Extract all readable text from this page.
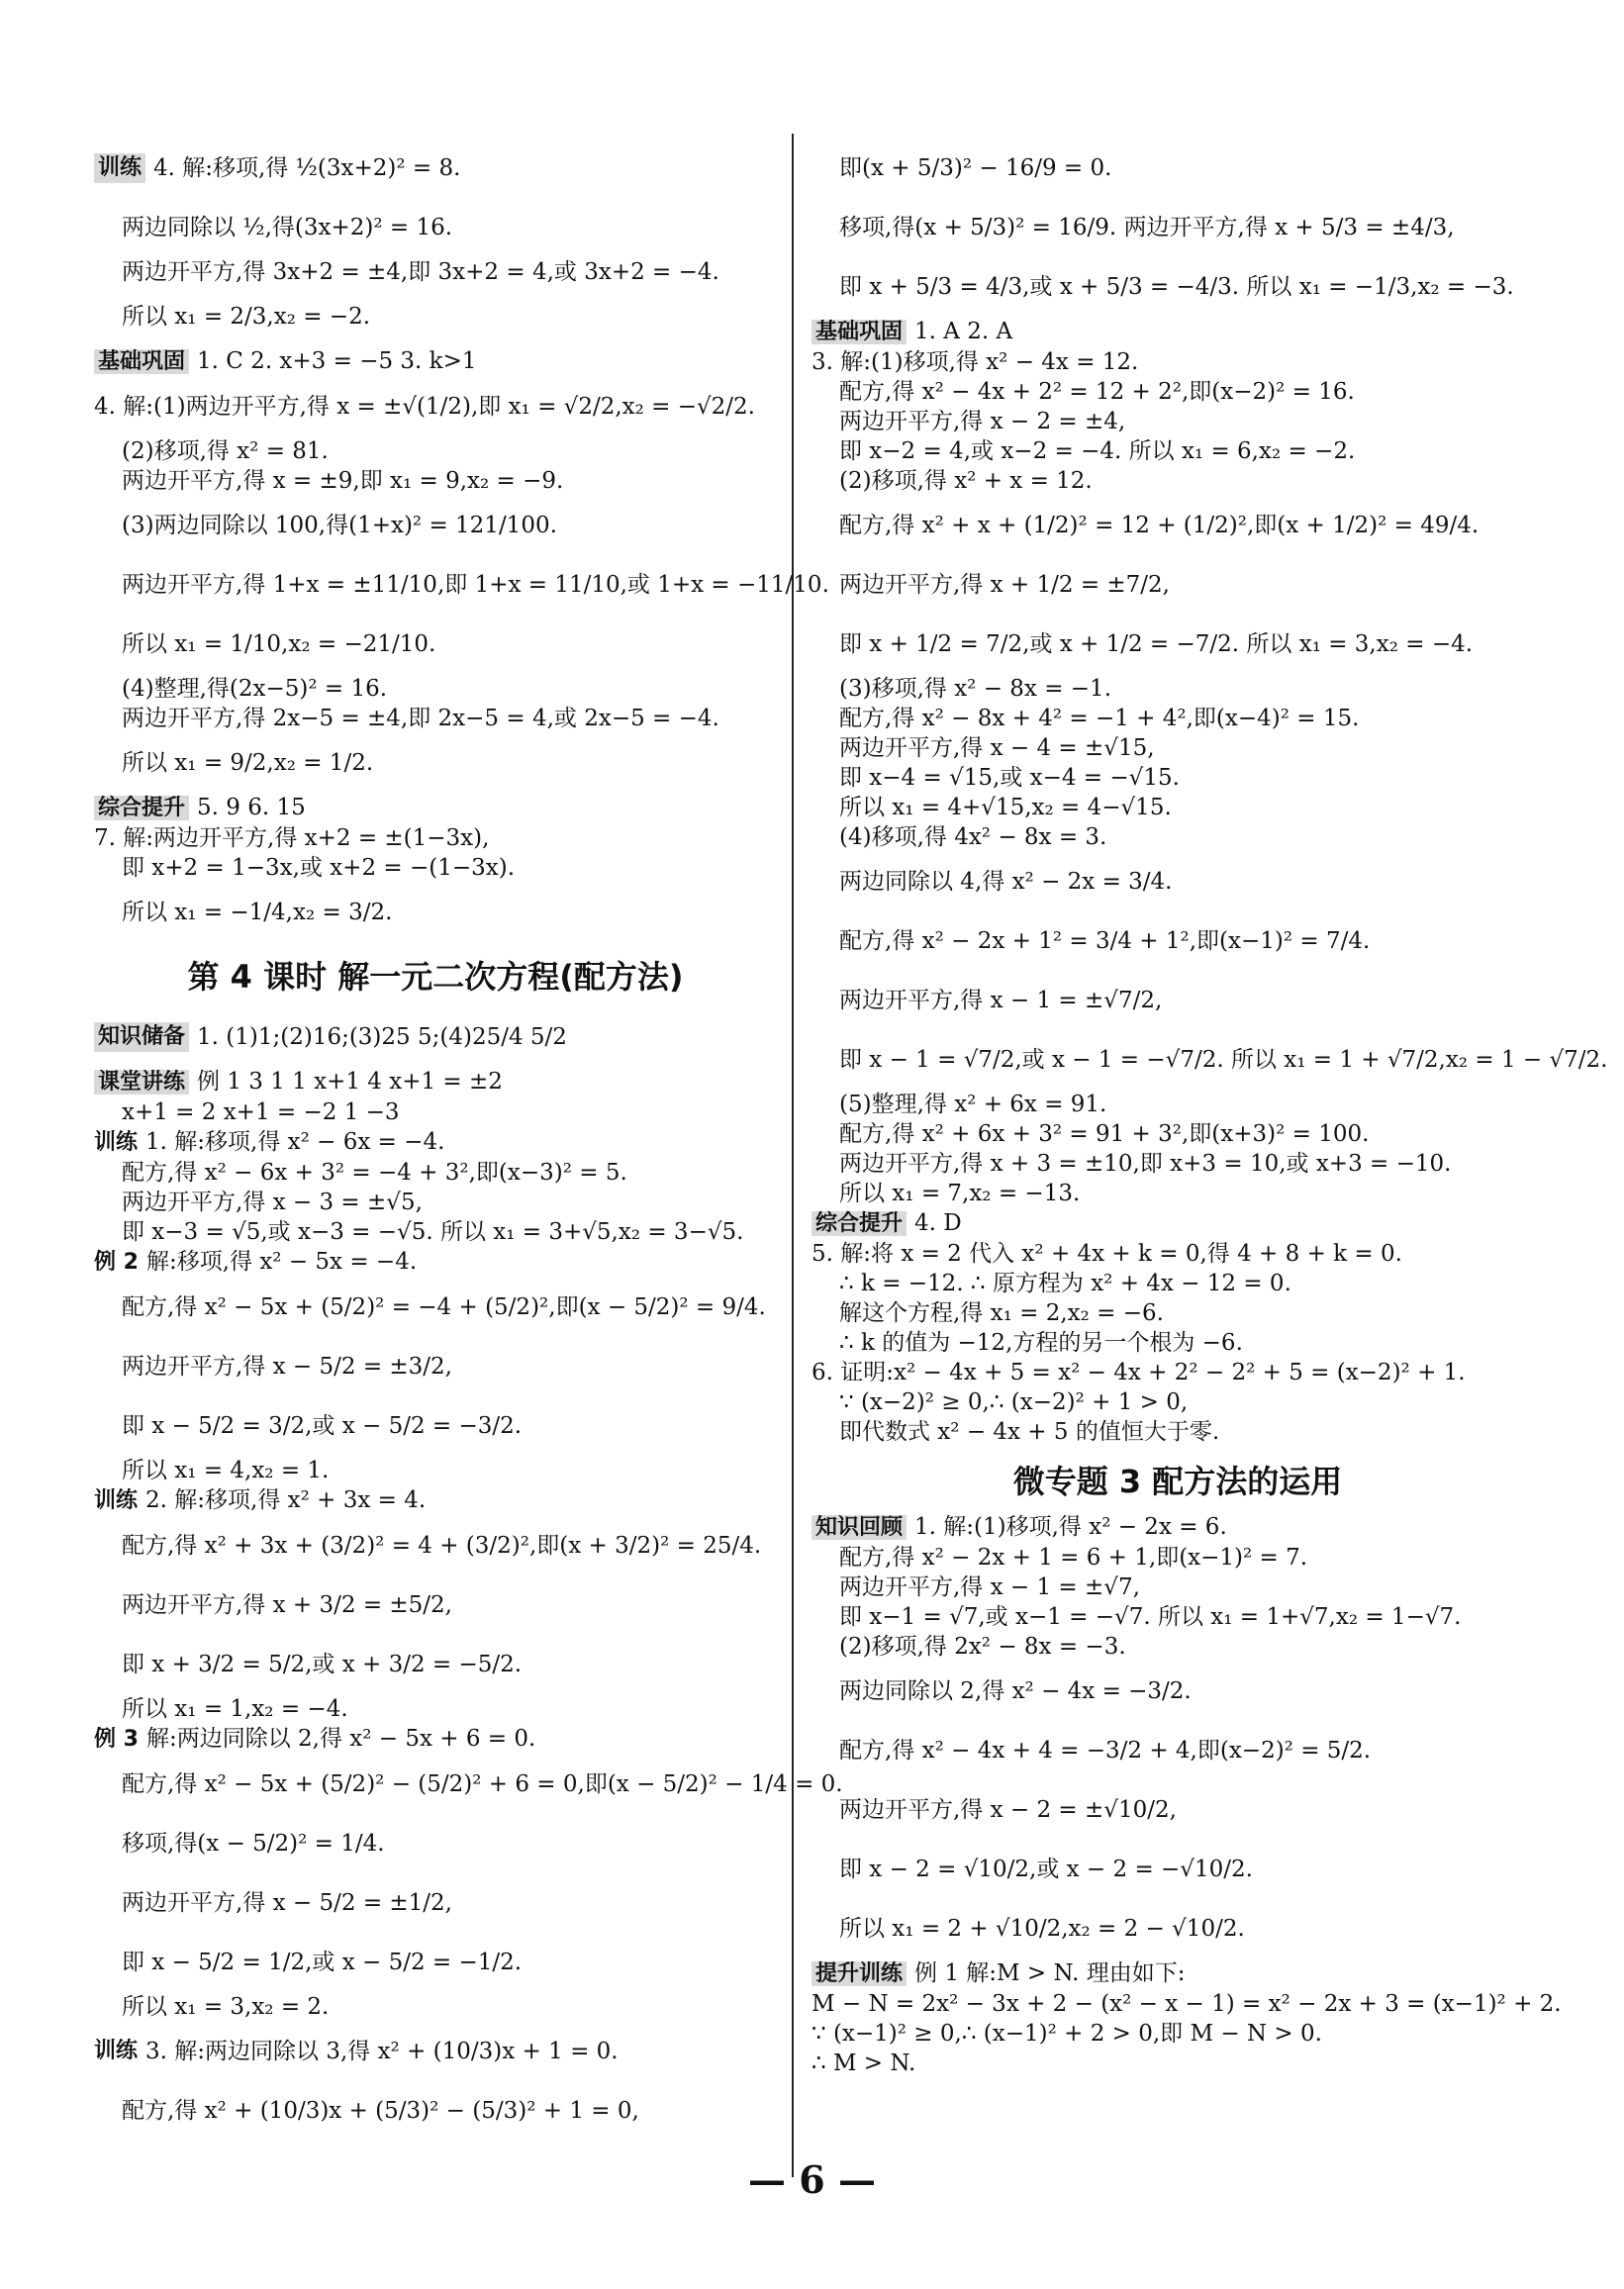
训练 4. 解:移项,得 ½(3x+2)² = 8.
两边同除以 ½,得(3x+2)² = 16.
两边开平方,得 3x+2 = ±4,即 3x+2 = 4,或 3x+2 = −4.
所以 x₁ = 2/3,x₂ = −2.
基础巩固 1. C 2. x+3 = −5 3. k>1
4. 解:(1)两边开平方,得 x = ±√(1/2),即 x₁ = √2/2,x₂ = −√2/2.
(2)移项,得 x² = 81.
两边开平方,得 x = ±9,即 x₁ = 9,x₂ = −9.
(3)两边同除以 100,得(1+x)² = 121/100.
两边开平方,得 1+x = ±11/10,即 1+x = 11/10,或 1+x = −11/10.
所以 x₁ = 1/10,x₂ = −21/10.
(4)整理,得(2x−5)² = 16.
两边开平方,得 2x−5 = ±4,即 2x−5 = 4,或 2x−5 = −4.
所以 x₁ = 9/2,x₂ = 1/2.
综合提升 5. 9 6. 15
7. 解:两边开平方,得 x+2 = ±(1−3x),
即 x+2 = 1−3x,或 x+2 = −(1−3x).
所以 x₁ = −1/4,x₂ = 3/2.
第 4 课时 解一元二次方程(配方法)
知识储备 1. (1)1;(2)16;(3)25 5;(4)25/4 5/2
课堂讲练 例 1 3 1 1 x+1 4 x+1 = ±2
x+1 = 2 x+1 = −2 1 −3
训练 1. 解:移项,得 x² − 6x = −4.
配方,得 x² − 6x + 3² = −4 + 3²,即(x−3)² = 5.
两边开平方,得 x − 3 = ±√5,
即 x−3 = √5,或 x−3 = −√5. 所以 x₁ = 3+√5,x₂ = 3−√5.
例 2 解:移项,得 x² − 5x = −4.
配方,得 x² − 5x + (5/2)² = −4 + (5/2)²,即(x − 5/2)² = 9/4.
两边开平方,得 x − 5/2 = ±3/2,
即 x − 5/2 = 3/2,或 x − 5/2 = −3/2.
所以 x₁ = 4,x₂ = 1.
训练 2. 解:移项,得 x² + 3x = 4.
配方,得 x² + 3x + (3/2)² = 4 + (3/2)²,即(x + 3/2)² = 25/4.
两边开平方,得 x + 3/2 = ±5/2,
即 x + 3/2 = 5/2,或 x + 3/2 = −5/2.
所以 x₁ = 1,x₂ = −4.
例 3 解:两边同除以 2,得 x² − 5x + 6 = 0.
配方,得 x² − 5x + (5/2)² − (5/2)² + 6 = 0,即(x − 5/2)² − 1/4 = 0.
移项,得(x − 5/2)² = 1/4.
两边开平方,得 x − 5/2 = ±1/2,
即 x − 5/2 = 1/2,或 x − 5/2 = −1/2.
所以 x₁ = 3,x₂ = 2.
训练 3. 解:两边同除以 3,得 x² + (10/3)x + 1 = 0.
配方,得 x² + (10/3)x + (5/3)² − (5/3)² + 1 = 0,
即(x + 5/3)² − 16/9 = 0.
移项,得(x + 5/3)² = 16/9. 两边开平方,得 x + 5/3 = ±4/3,
即 x + 5/3 = 4/3,或 x + 5/3 = −4/3. 所以 x₁ = −1/3,x₂ = −3.
基础巩固 1. A 2. A
3. 解:(1)移项,得 x² − 4x = 12.
配方,得 x² − 4x + 2² = 12 + 2²,即(x−2)² = 16.
两边开平方,得 x − 2 = ±4,
即 x−2 = 4,或 x−2 = −4. 所以 x₁ = 6,x₂ = −2.
(2)移项,得 x² + x = 12.
配方,得 x² + x + (1/2)² = 12 + (1/2)²,即(x + 1/2)² = 49/4.
两边开平方,得 x + 1/2 = ±7/2,
即 x + 1/2 = 7/2,或 x + 1/2 = −7/2. 所以 x₁ = 3,x₂ = −4.
(3)移项,得 x² − 8x = −1.
配方,得 x² − 8x + 4² = −1 + 4²,即(x−4)² = 15.
两边开平方,得 x − 4 = ±√15,
即 x−4 = √15,或 x−4 = −√15.
所以 x₁ = 4+√15,x₂ = 4−√15.
(4)移项,得 4x² − 8x = 3.
两边同除以 4,得 x² − 2x = 3/4.
配方,得 x² − 2x + 1² = 3/4 + 1²,即(x−1)² = 7/4.
两边开平方,得 x − 1 = ±√7/2,
即 x − 1 = √7/2,或 x − 1 = −√7/2. 所以 x₁ = 1 + √7/2,x₂ = 1 − √7/2.
(5)整理,得 x² + 6x = 91.
配方,得 x² + 6x + 3² = 91 + 3²,即(x+3)² = 100.
两边开平方,得 x + 3 = ±10,即 x+3 = 10,或 x+3 = −10.
所以 x₁ = 7,x₂ = −13.
综合提升 4. D
5. 解:将 x = 2 代入 x² + 4x + k = 0,得 4 + 8 + k = 0.
∴ k = −12. ∴ 原方程为 x² + 4x − 12 = 0.
解这个方程,得 x₁ = 2,x₂ = −6.
∴ k 的值为 −12,方程的另一个根为 −6.
6. 证明:x² − 4x + 5 = x² − 4x + 2² − 2² + 5 = (x−2)² + 1.
∵ (x−2)² ≥ 0,∴ (x−2)² + 1 > 0,
即代数式 x² − 4x + 5 的值恒大于零.
微专题 3 配方法的运用
知识回顾 1. 解:(1)移项,得 x² − 2x = 6.
配方,得 x² − 2x + 1 = 6 + 1,即(x−1)² = 7.
两边开平方,得 x − 1 = ±√7,
即 x−1 = √7,或 x−1 = −√7. 所以 x₁ = 1+√7,x₂ = 1−√7.
(2)移项,得 2x² − 8x = −3.
两边同除以 2,得 x² − 4x = −3/2.
配方,得 x² − 4x + 4 = −3/2 + 4,即(x−2)² = 5/2.
两边开平方,得 x − 2 = ±√10/2,
即 x − 2 = √10/2,或 x − 2 = −√10/2.
所以 x₁ = 2 + √10/2,x₂ = 2 − √10/2.
提升训练 例 1 解:M > N. 理由如下:
M − N = 2x² − 3x + 2 − (x² − x − 1) = x² − 2x + 3 = (x−1)² + 2.
∵ (x−1)² ≥ 0,∴ (x−1)² + 2 > 0,即 M − N > 0.
∴ M > N.
— 6 —
